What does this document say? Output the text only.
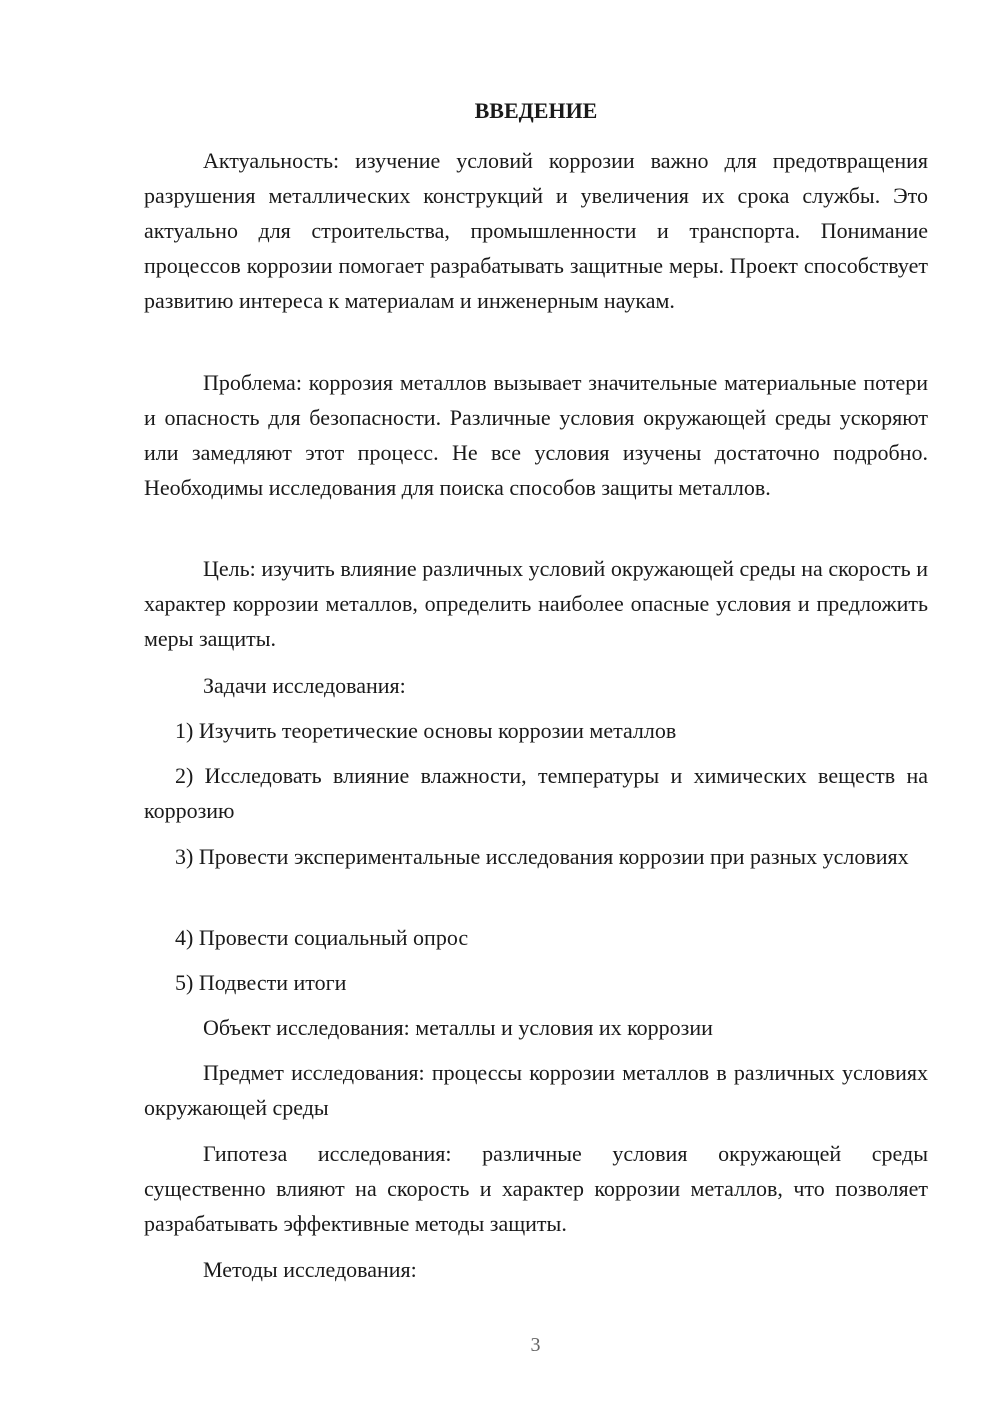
ВВЕДЕНИЕ

Актуальность: изучение условий коррозии важно для предотвращения разрушения металлических конструкций и увеличения их срока службы. Это актуально для строительства, промышленности и транспорта. Понимание процессов коррозии помогает разрабатывать защитные меры. Проект способствует развитию интереса к материалам и инженерным наукам.

Проблема: коррозия металлов вызывает значительные материальные потери и опасность для безопасности. Различные условия окружающей среды ускоряют или замедляют этот процесс. Не все условия изучены достаточно подробно. Необходимы исследования для поиска способов защиты металлов.

Цель: изучить влияние различных условий окружающей среды на скорость и характер коррозии металлов, определить наиболее опасные условия и предложить меры защиты.

Задачи исследования:

1) Изучить теоретические основы коррозии металлов

2) Исследовать влияние влажности, температуры и химических веществ на коррозию

3) Провести экспериментальные исследования коррозии при разных условиях

4) Провести социальный опрос

5) Подвести итоги

Объект исследования: металлы и условия их коррозии

Предмет исследования: процессы коррозии металлов в различных условиях окружающей среды

Гипотеза исследования: различные условия окружающей среды существенно влияют на скорость и характер коррозии металлов, что позволяет разрабатывать эффективные методы защиты.

Методы исследования:

3
